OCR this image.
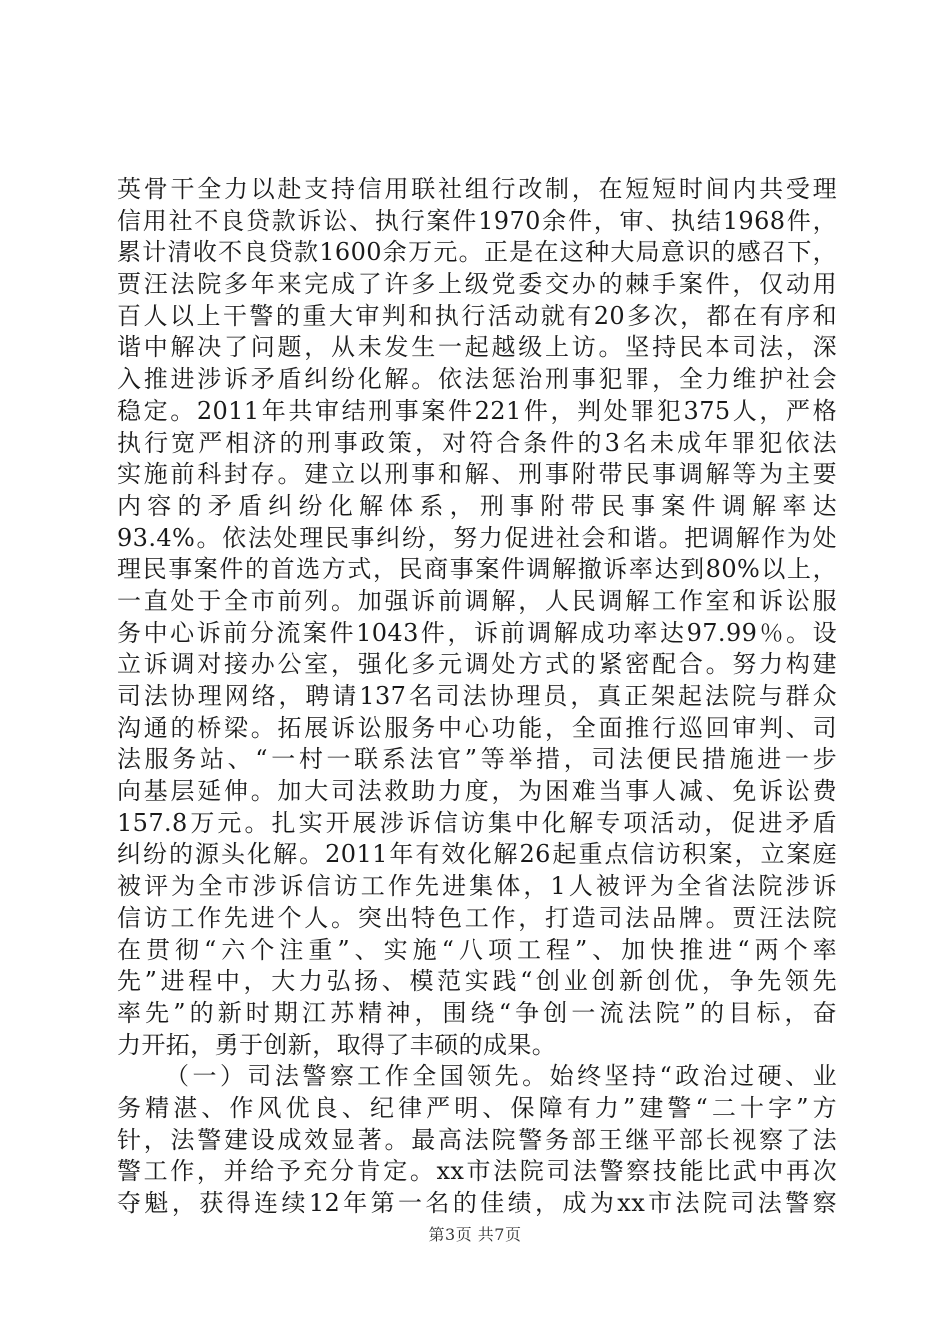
英骨干全力以赴支持信用联社组行改制，在短短时间内共受理
信用社不良贷款诉讼、执行案件1970余件，审、执结1968件，
累计清收不良贷款1600余万元。正是在这种大局意识的感召下，
贾汪法院多年来完成了许多上级党委交办的棘手案件，仅动用
百人以上干警的重大审判和执行活动就有20多次，都在有序和
谐中解决了问题，从未发生一起越级上访。坚持民本司法，深
入推进涉诉矛盾纠纷化解。依法惩治刑事犯罪，全力维护社会
稳定。2011年共审结刑事案件221件，判处罪犯375人，严格
执行宽严相济的刑事政策，对符合条件的3名未成年罪犯依法
实施前科封存。建立以刑事和解、刑事附带民事调解等为主要
内容的矛盾纠纷化解体系，刑事附带民事案件调解率达
93.4%。依法处理民事纠纷，努力促进社会和谐。把调解作为处
理民事案件的首选方式，民商事案件调解撤诉率达到80%以上，
一直处于全市前列。加强诉前调解，人民调解工作室和诉讼服
务中心诉前分流案件1043件，诉前调解成功率达97.99％。设
立诉调对接办公室，强化多元调处方式的紧密配合。努力构建
司法协理网络，聘请137名司法协理员，真正架起法院与群众
沟通的桥梁。拓展诉讼服务中心功能，全面推行巡回审判、司
法服务站、“一村一联系法官”等举措，司法便民措施进一步
向基层延伸。加大司法救助力度，为困难当事人减、免诉讼费
157.8万元。扎实开展涉诉信访集中化解专项活动，促进矛盾
纠纷的源头化解。2011年有效化解26起重点信访积案，立案庭
被评为全市涉诉信访工作先进集体，1人被评为全省法院涉诉
信访工作先进个人。突出特色工作，打造司法品牌。贾汪法院
在贯彻“六个注重”、实施“八项工程”、加快推进“两个率
先”进程中，大力弘扬、模范实践“创业创新创优，争先领先
率先”的新时期江苏精神，围绕“争创一流法院”的目标，奋
力开拓，勇于创新，取得了丰硕的成果。
（一）司法警察工作全国领先。始终坚持“政治过硬、业
务精湛、作风优良、纪律严明、保障有力”建警“二十字”方
针，法警建设成效显著。最高法院警务部王继平部长视察了法
警工作，并给予充分肯定。xx市法院司法警察技能比武中再次
夺魁，获得连续12年第一名的佳绩，成为xx市法院司法警察
第3页 共7页
